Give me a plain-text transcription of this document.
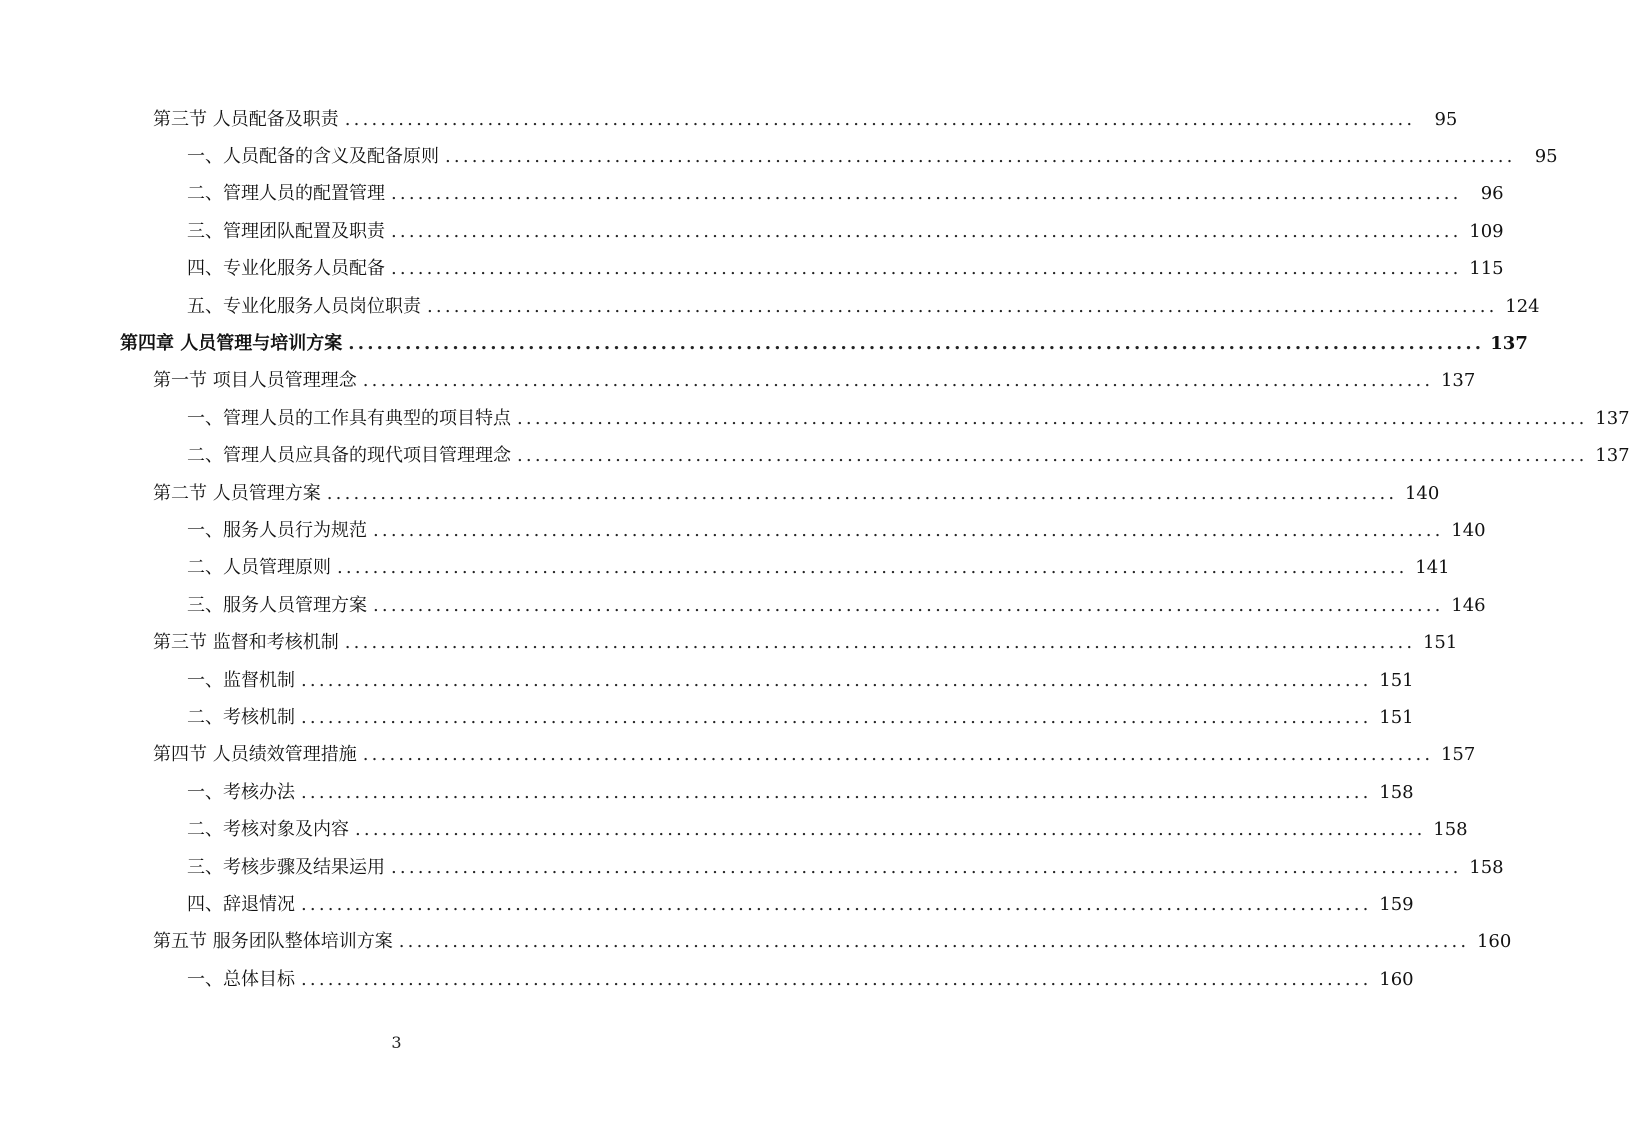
第三节 人员配备及职责 ........................................................................................................................	95
一、人员配备的含义及配备原则 ........................................................................................................................	95
二、管理人员的配置管理 ........................................................................................................................	96
三、管理团队配置及职责 ........................................................................................................................ 109
四、专业化服务人员配备 ........................................................................................................................ 115
五、专业化服务人员岗位职责 ........................................................................................................................ 124
第四章 人员管理与培训方案 ........................................................................................................................ 137
第一节 项目人员管理理念 ........................................................................................................................ 137
一、管理人员的工作具有典型的项目特点 ........................................................................................................................ 137
二、管理人员应具备的现代项目管理理念 ........................................................................................................................ 137
第二节 人员管理方案 ........................................................................................................................ 140
一、服务人员行为规范 ........................................................................................................................ 140
二、人员管理原则 ........................................................................................................................ 141
三、服务人员管理方案 ........................................................................................................................ 146
第三节 监督和考核机制 ........................................................................................................................ 151
一、监督机制 ........................................................................................................................ 151
二、考核机制 ........................................................................................................................ 151
第四节 人员绩效管理措施 ........................................................................................................................ 157
一、考核办法 ........................................................................................................................ 158
二、考核对象及内容 ........................................................................................................................ 158
三、考核步骤及结果运用 ........................................................................................................................ 158
四、辞退情况 ........................................................................................................................ 159
第五节 服务团队整体培训方案 ........................................................................................................................ 160
一、总体目标 ........................................................................................................................ 160
3
